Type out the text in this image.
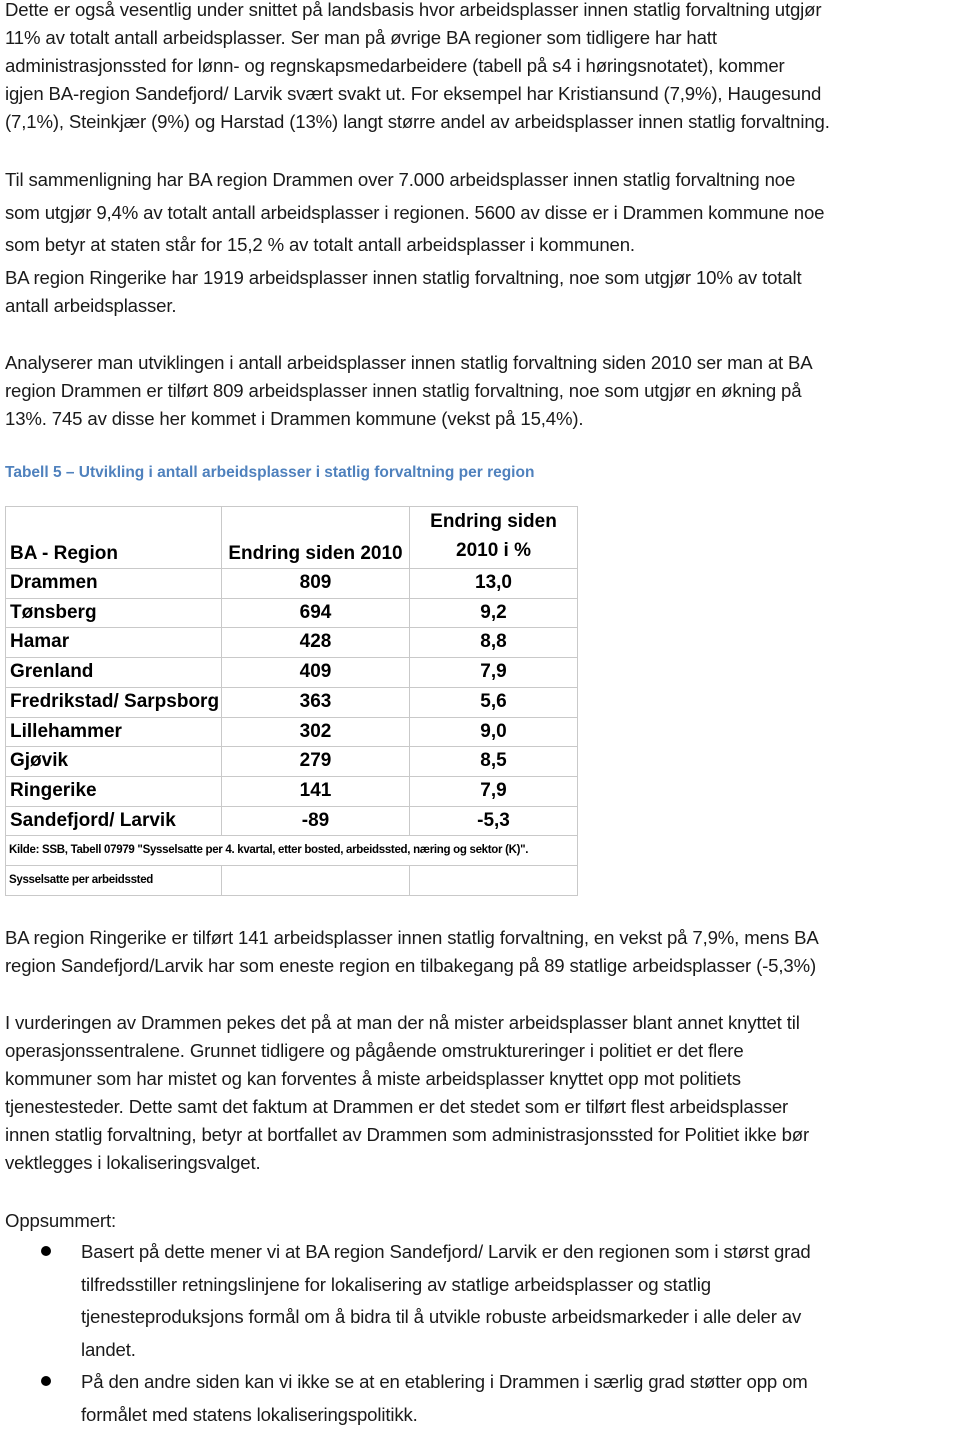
Dette er også vesentlig under snittet på landsbasis hvor arbeidsplasser innen statlig forvaltning utgjør
11% av totalt antall arbeidsplasser. Ser man på øvrige BA regioner som tidligere har hatt
administrasjonssted for lønn- og regnskapsmedarbeidere (tabell på s4 i høringsnotatet), kommer
igjen BA-region Sandefjord/ Larvik svært svakt ut. For eksempel har Kristiansund (7,9%), Haugesund
(7,1%), Steinkjær (9%) og Harstad (13%) langt større andel av arbeidsplasser innen statlig forvaltning.
Til sammenligning har BA region Drammen over 7.000 arbeidsplasser innen statlig forvaltning noe
som utgjør 9,4% av totalt antall arbeidsplasser i regionen. 5600 av disse er i Drammen kommune noe
som betyr at staten står for 15,2 % av totalt antall arbeidsplasser i kommunen.
BA region Ringerike har 1919 arbeidsplasser innen statlig forvaltning, noe som utgjør 10% av totalt
antall arbeidsplasser.
Analyserer man utviklingen i antall arbeidsplasser innen statlig forvaltning siden 2010 ser man at BA
region Drammen er tilført 809 arbeidsplasser innen statlig forvaltning, noe som utgjør en økning på
13%. 745 av disse her kommet i Drammen kommune (vekst på 15,4%).
Tabell 5 – Utvikling i antall arbeidsplasser i statlig forvaltning per region
BA - Region	Endring siden 2010	Endring siden 2010 i %
Drammen	809	13,0
Tønsberg	694	9,2
Hamar	428	8,8
Grenland	409	7,9
Fredrikstad/ Sarpsborg	363	5,6
Lillehammer	302	9,0
Gjøvik	279	8,5
Ringerike	141	7,9
Sandefjord/ Larvik	-89	-5,3
Kilde: SSB, Tabell 07979 "Sysselsatte per 4. kvartal, etter bosted, arbeidssted, næring og sektor (K)".		
Sysselsatte per arbeidssted		
BA region Ringerike er tilført 141 arbeidsplasser innen statlig forvaltning, en vekst på 7,9%, mens BA
region Sandefjord/Larvik har som eneste region en tilbakegang på 89 statlige arbeidsplasser (-5,3%)
I vurderingen av Drammen pekes det på at man der nå mister arbeidsplasser blant annet knyttet til
operasjonssentralene. Grunnet tidligere og pågående omstruktureringer i politiet er det flere
kommuner som har mistet og kan forventes å miste arbeidsplasser knyttet opp mot politiets
tjenestesteder. Dette samt det faktum at Drammen er det stedet som er tilført flest arbeidsplasser
innen statlig forvaltning, betyr at bortfallet av Drammen som administrasjonssted for Politiet ikke bør
vektlegges i lokaliseringsvalget.
Oppsummert:
Basert på dette mener vi at BA region Sandefjord/ Larvik er den regionen som i størst grad
tilfredsstiller retningslinjene for lokalisering av statlige arbeidsplasser og statlig
tjenesteproduksjons formål om å bidra til å utvikle robuste arbeidsmarkeder i alle deler av
landet.
På den andre siden kan vi ikke se at en etablering i Drammen i særlig grad støtter opp om
formålet med statens lokaliseringspolitikk.
